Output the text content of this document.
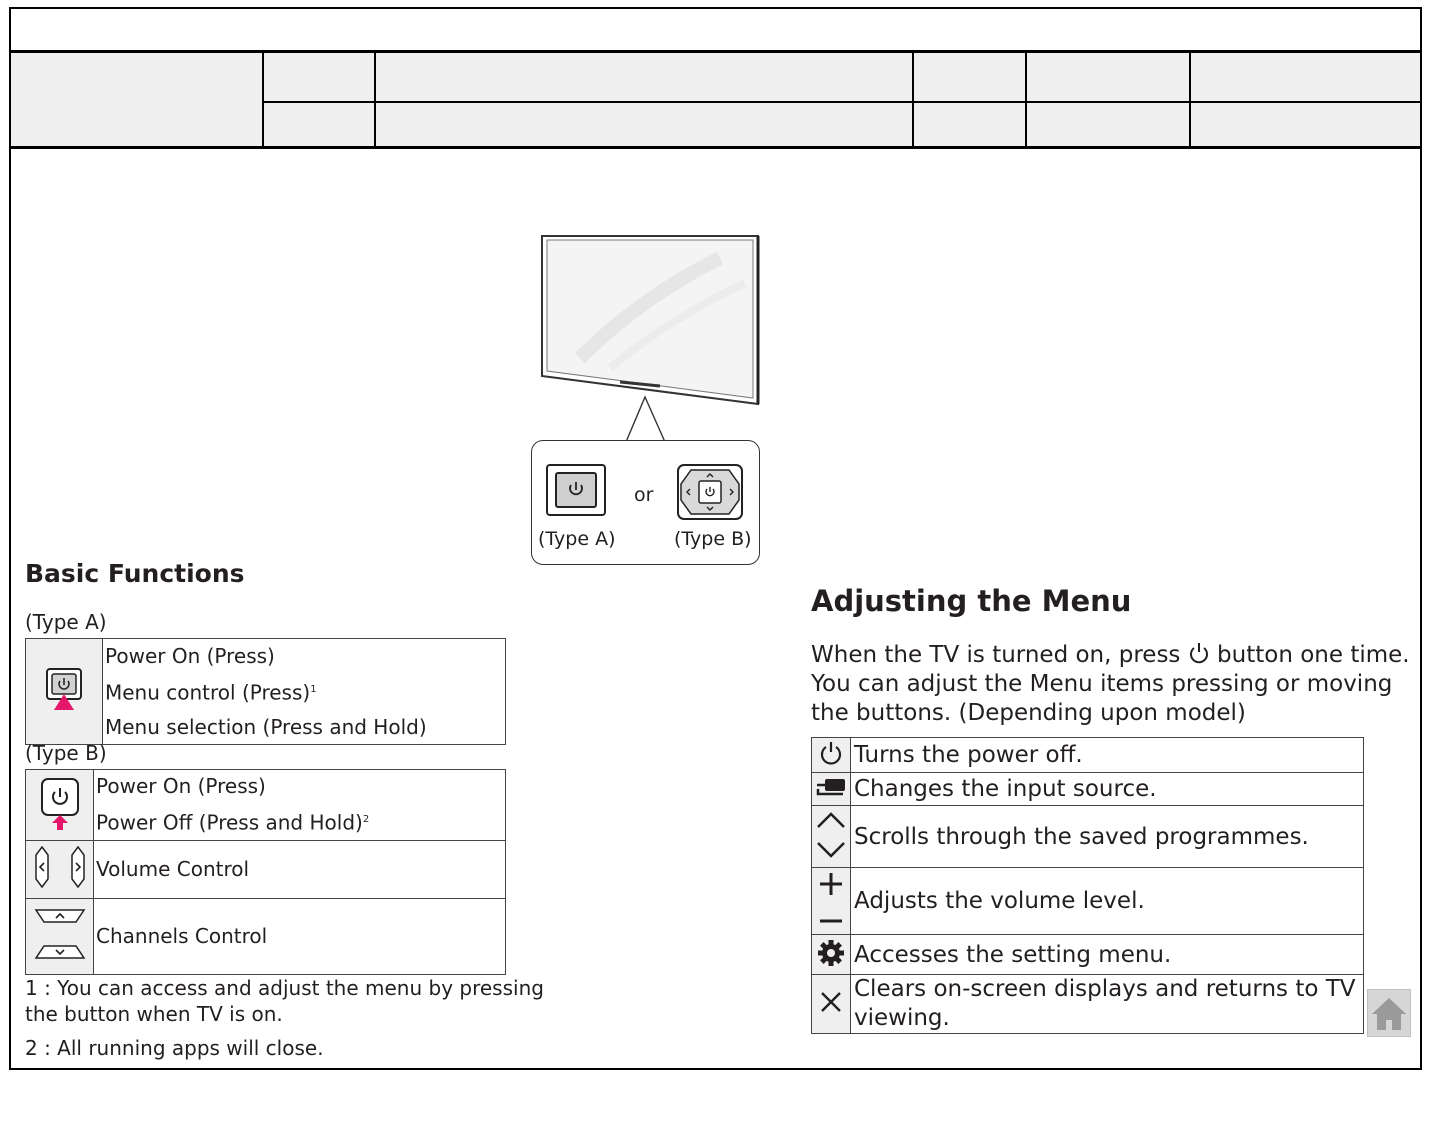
or
(Type A)	(Type B)
Basic Functions
(Type A)

Power On (Press)
Menu control (Press)$^1$
Menu selection (Press and Hold)
(Type B)

Power On (Press)
Power Off (Press and Hold)$^2$

Volume Control

Channels Control
1 : You can access and adjust the menu by pressing
the button when TV is on.
2 : All running apps will close.
Adjusting the Menu
When the TV is turned on, press button one time.
You can adjust the Menu items pressing or moving
the buttons. (Depending upon model)

Turns the power off.

Changes the input source.

Scrolls through the saved programmes.

Adjusts the volume level.

Accesses the setting menu.

Clears on-screen displays and returns to TV
viewing.
